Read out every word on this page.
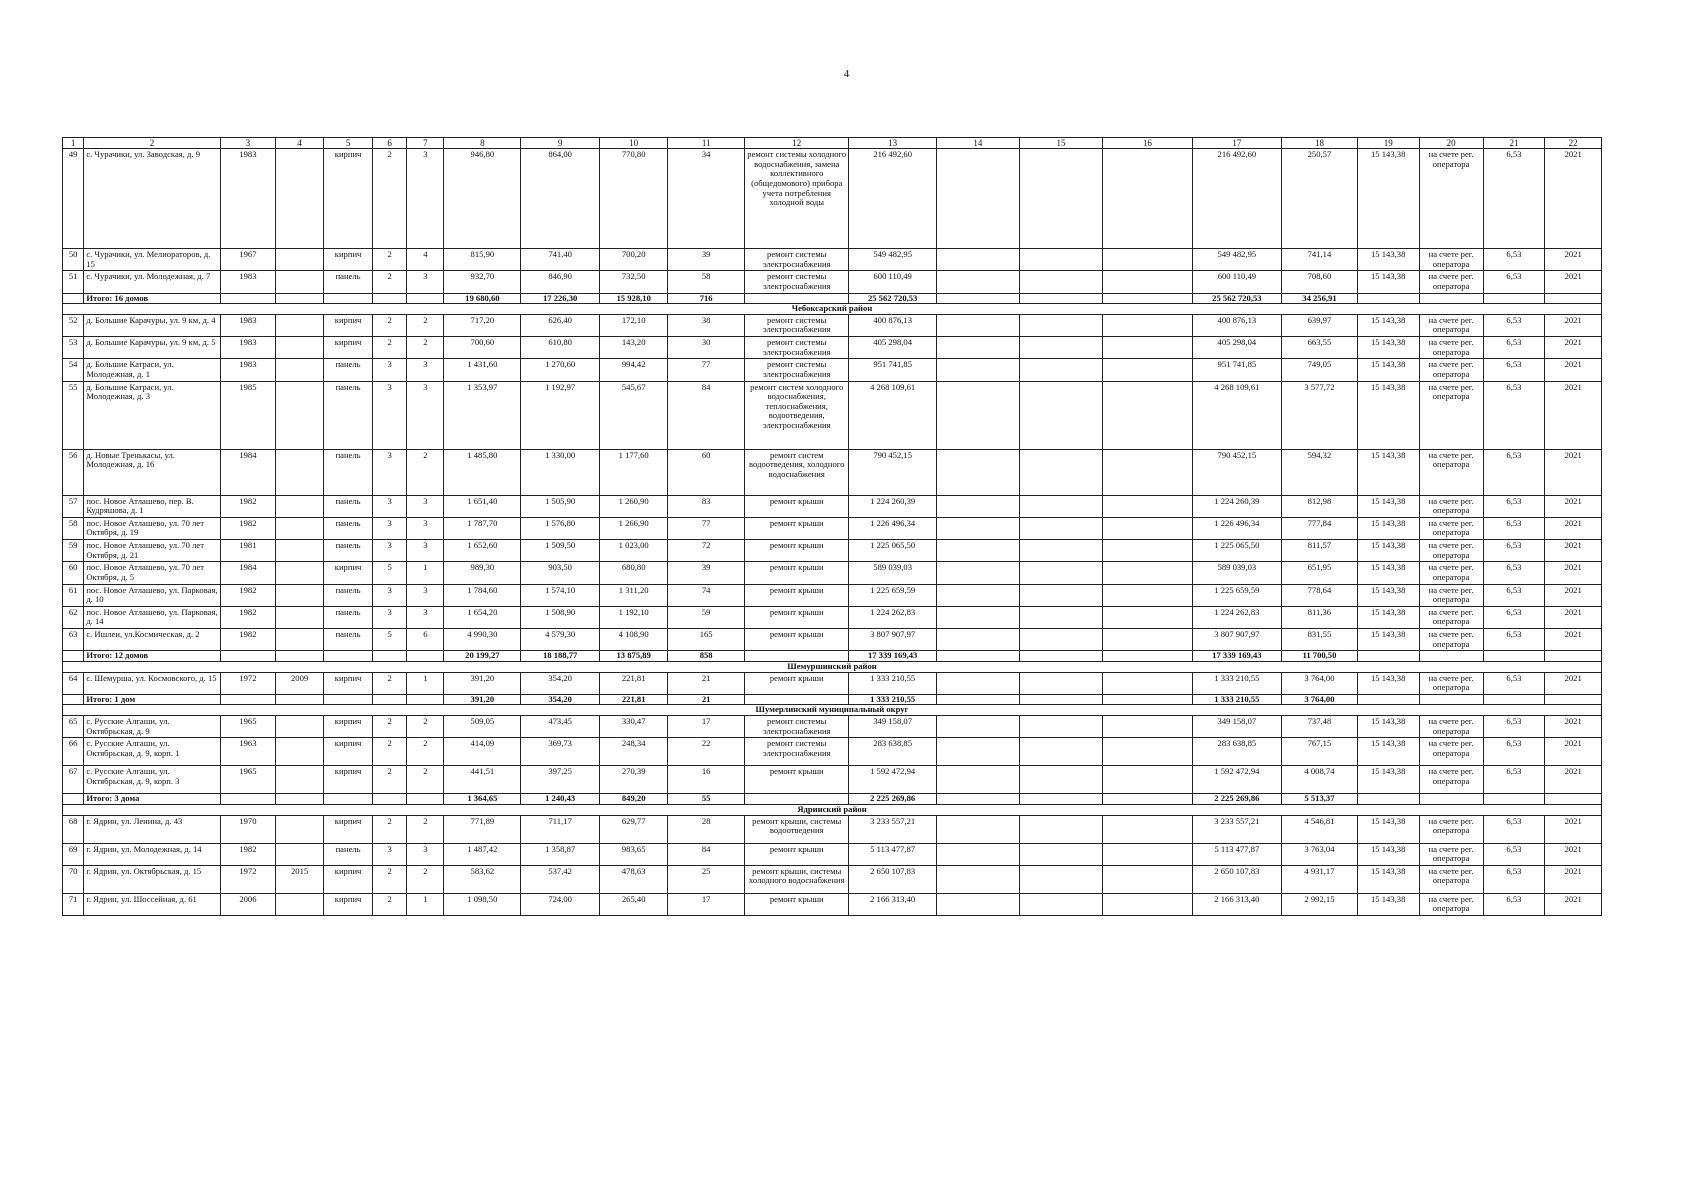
4
1	2	3	4	5	6	7	8	9	10	11	12	13	14	15	16	17	18	19	20	21	22
49	с. Чурачики, ул. Заводская, д. 9	1983		кирпич	2	3	946,80	864,00	770,80	34	ремонт системы холодного водоснабжения, замена коллективного (общедомового) прибора учета потребления холодной воды	216 492,60				216 492,60	250,57	15 143,38	на счете рег. оператора	6,53	2021
50	с. Чурачики, ул. Мелиораторов, д. 15	1967		кирпич	2	4	815,90	741,40	700,20	39	ремонт системы электроснабжения	549 482,95				549 482,95	741,14	15 143,38	на счете рег. оператора	6,53	2021
51	с. Чурачики, ул. Молодежная, д. 7	1983		панель	2	3	932,70	846,90	732,50	58	ремонт системы электроснабжения	600 110,49				600 110,49	708,60	15 143,38	на счете рег. оператора	6,53	2021
	Итого: 16 домов						19 680,60	17 226,30	15 928,10	716		25 562 720,53				25 562 720,53	34 256,91				
Чебоксарский район																					
52	д. Большие Карачуры, ул. 9 км, д. 4	1983		кирпич	2	2	717,20	626,40	172,10	38	ремонт системы электроснабжения	400 876,13				400 876,13	639,97	15 143,38	на счете рег. оператора	6,53	2021
53	д. Большие Карачуры, ул. 9 км, д. 5	1983		кирпич	2	2	700,60	610,80	143,20	30	ремонт системы электроснабжения	405 298,04				405 298,04	663,55	15 143,38	на счете рег. оператора	6,53	2021
54	д. Большие Катраси, ул. Молодежная, д. 1	1983		панель	3	3	1 431,60	1 270,60	994,42	77	ремонт системы электроснабжения	951 741,85				951 741,85	749,05	15 143,38	на счете рег. оператора	6,53	2021
55	д. Большие Катраси, ул. Молодежная, д. 3	1985		панель	3	3	1 353,97	1 192,97	545,67	84	ремонт систем холодного водоснабжения, теплоснабжения, водоотведения, электроснабжения	4 268 109,61				4 268 109,61	3 577,72	15 143,38	на счете рег. оператора	6,53	2021
56	д. Новые Тренькасы, ул. Молодежная, д. 16	1984		панель	3	2	1 485,80	1 330,00	1 177,60	60	ремонт систем водоотведения, холодного водоснабжения	790 452,15				790 452,15	594,32	15 143,38	на счете рег. оператора	6,53	2021
57	пос. Новое Атлашево, пер. В. Кудряшова, д. 1	1982		панель	3	3	1 651,40	1 505,90	1 260,90	83	ремонт крыши	1 224 260,39				1 224 260,39	812,98	15 143,38	на счете рег. оператора	6,53	2021
58	пос. Новое Атлашево, ул. 70 лет Октября, д. 19	1982		панель	3	3	1 787,70	1 576,80	1 266,90	77	ремонт крыши	1 226 496,34				1 226 496,34	777,84	15 143,38	на счете рег. оператора	6,53	2021
59	пос. Новое Атлашево, ул. 70 лет Октября, д. 21	1981		панель	3	3	1 652,60	1 509,50	1 023,00	72	ремонт крыши	1 225 065,50				1 225 065,50	811,57	15 143,38	на счете рег. оператора	6,53	2021
60	пос. Новое Атлашево, ул. 70 лет Октября, д. 5	1984		кирпич	5	1	989,30	903,50	680,80	39	ремонт крыши	589 039,03				589 039,03	651,95	15 143,38	на счете рег. оператора	6,53	2021
61	пос. Новое Атлашево, ул. Парковая, д. 10	1982		панель	3	3	1 784,60	1 574,10	1 311,20	74	ремонт крыши	1 225 659,59				1 225 659,59	778,64	15 143,38	на счете рег. оператора	6,53	2021
62	пос. Новое Атлашево, ул. Парковая, д. 14	1982		панель	3	3	1 654,20	1 508,90	1 192,10	59	ремонт крыши	1 224 262,83				1 224 262,83	811,36	15 143,38	на счете рег. оператора	6,53	2021
63	с. Ишлеи, ул.Космическая, д. 2	1982		панель	5	6	4 990,30	4 579,30	4 108,90	165	ремонт крыши	3 807 907,97				3 807 907,97	831,55	15 143,38	на счете рег. оператора	6,53	2021
	Итого: 12 домов						20 199,27	18 188,77	13 875,89	858		17 339 169,43				17 339 169,43	11 700,50				
Шемуршинский район																					
64	с. Шемурша, ул. Космовского, д. 15	1972	2009	кирпич	2	1	391,20	354,20	221,81	21	ремонт крыши	1 333 210,55				1 333 210,55	3 764,00	15 143,38	на счете рег. оператора	6,53	2021
	Итого: 1 дом						391,20	354,20	221,81	21		1 333 210,55				1 333 210,55	3 764,00				
Шумерлинский муниципальный округ																					
65	с. Русские Алгаши, ул. Октябрьская, д. 9	1965		кирпич	2	2	509,05	473,45	330,47	17	ремонт системы электроснабжения	349 158,07				349 158,07	737,48	15 143,38	на счете рег. оператора	6,53	2021
66	с. Русские Алгаши, ул. Октябрьская, д. 9, корп. 1	1963		кирпич	2	2	414,09	369,73	248,34	22	ремонт системы электроснабжения	283 638,85				283 638,85	767,15	15 143,38	на счете рег. оператора	6,53	2021
67	с. Русские Алгаши, ул. Октябрьская, д. 9, корп. 3	1965		кирпич	2	2	441,51	397,25	270,39	16	ремонт крыши	1 592 472,94				1 592 472,94	4 008,74	15 143,38	на счете рег. оператора	6,53	2021
	Итого: 3 дома						1 364,65	1 240,43	849,20	55		2 225 269,86				2 225 269,86	5 513,37				
Ядринский район																					
68	г. Ядрин, ул. Ленина, д. 43	1970		кирпич	2	2	771,89	711,17	629,77	28	ремонт крыши, системы водоотведения	3 233 557,21				3 233 557,21	4 546,81	15 143,38	на счете рег. оператора	6,53	2021
69	г. Ядрин, ул. Молодежная, д. 14	1982		панель	3	3	1 487,42	1 358,87	983,65	84	ремонт крыши	5 113 477,87				5 113 477,87	3 763,04	15 143,38	на счете рег. оператора	6,53	2021
70	г. Ядрин, ул. Октябрьская, д. 15	1972	2015	кирпич	2	2	583,62	537,42	478,63	25	ремонт крыши, системы холодного водоснабжения	2 650 107,83				2 650 107,83	4 931,17	15 143,38	на счете рег. оператора	6,53	2021
71	г. Ядрин, ул. Шоссейная, д. 61	2006		кирпич	2	1	1 098,50	724,00	265,40	17	ремонт крыши	2 166 313,40				2 166 313,40	2 992,15	15 143,38	на счете рег. оператора	6,53	2021
